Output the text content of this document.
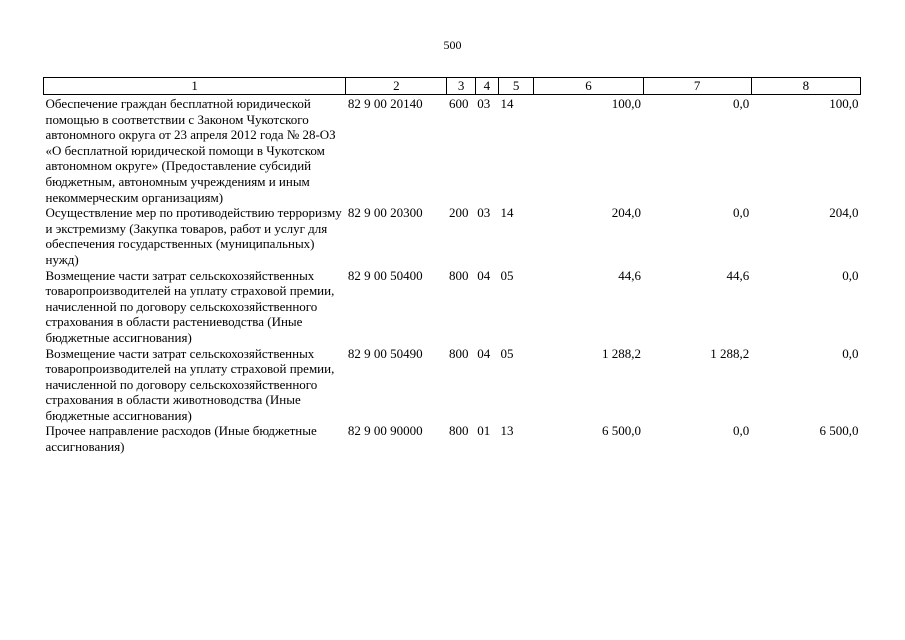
500
1	2	3	4	5	6	7	8
Обеспечение граждан бесплатной юридической помощью в соответствии с Законом Чукотского автономного округа от 23 апреля 2012 года № 28-ОЗ «О бесплатной юридической помощи в Чукотском автономном округе» (Предоставление субсидий бюджетным, автономным учреждениям и иным некоммерческим организациям)	82 9 00 20140	600	03	14	100,0	0,0	100,0
Осуществление мер по противодействию терроризму и экстремизму (Закупка товаров, работ и услуг для обеспечения государственных (муниципальных) нужд)	82 9 00 20300	200	03	14	204,0	0,0	204,0
Возмещение части затрат сельскохозяйственных товаропроизводителей на уплату страховой премии, начисленной по договору сельскохозяйственного страхования в области растениеводства (Иные бюджетные ассигнования)	82 9 00 50400	800	04	05	44,6	44,6	0,0
Возмещение части затрат сельскохозяйственных товаропроизводителей на уплату страховой премии, начисленной по договору сельскохозяйственного страхования в области животноводства (Иные бюджетные ассигнования)	82 9 00 50490	800	04	05	1 288,2	1 288,2	0,0
Прочее направление расходов (Иные бюджетные ассигнования)	82 9 00 90000	800	01	13	6 500,0	0,0	6 500,0
